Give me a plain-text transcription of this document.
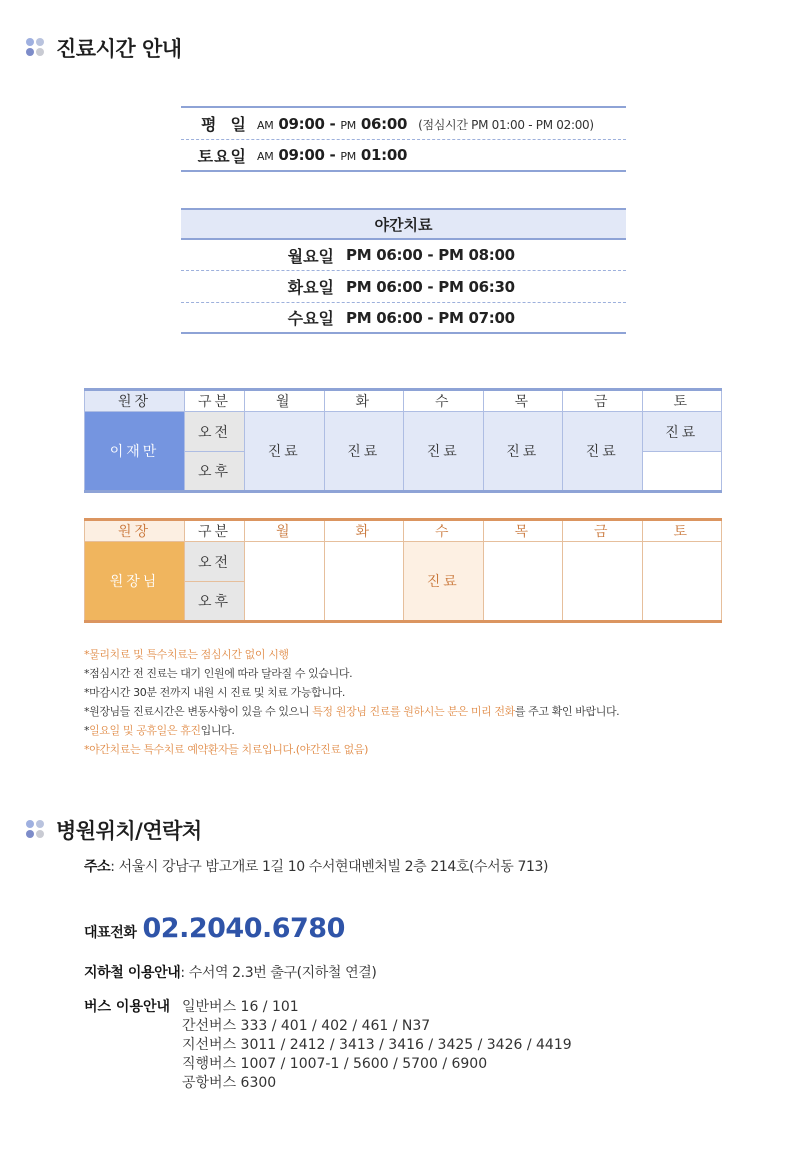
진료시간 안내
평  일 AM 09:00 - PM 06:00 (점심시간 PM 01:00 - PM 02:00)
토요일 AM 09:00 - PM 01:00
야간치료
월요일 PM 06:00 - PM 08:00
화요일 PM 06:00 - PM 06:30
수요일 PM 06:00 - PM 07:00
원장	구분	월	화	수	목	금	토
이재만	오전	진료	진료	진료	진료	진료	진료
	오후						
원장	구분	월	화	수	목	금	토
원장님	오전			진료			
	오후						
*물리치료 및 특수치료는 점심시간 없이 시행
*점심시간 전 진료는 대기 인원에 따라 달라질 수 있습니다.
*마감시간 30분 전까지 내원 시 진료 및 치료 가능합니다.
*원장님들 진료시간은 변동사항이 있을 수 있으니 특정 원장님 진료를 원하시는 분은 미리 전화를 주고 확인 바랍니다.
*일요일 및 공휴일은 휴진입니다.
*야간치료는 특수치료 예약환자들 치료입니다.(야간진료 없음)
병원위치/연락처
주소: 서울시 강남구 밤고개로 1길 10 수서현대벤처빌 2층 214호(수서동 713)
대표전화 02.2040.6780
지하철 이용안내: 수서역 2.3번 출구(지하철 연결)
버스 이용안내 일반버스 16 / 101
간선버스 333 / 401 / 402 / 461 / N37
지선버스 3011 / 2412 / 3413 / 3416 / 3425 / 3426 / 4419
직행버스 1007 / 1007-1 / 5600 / 5700 / 6900
공항버스 6300
